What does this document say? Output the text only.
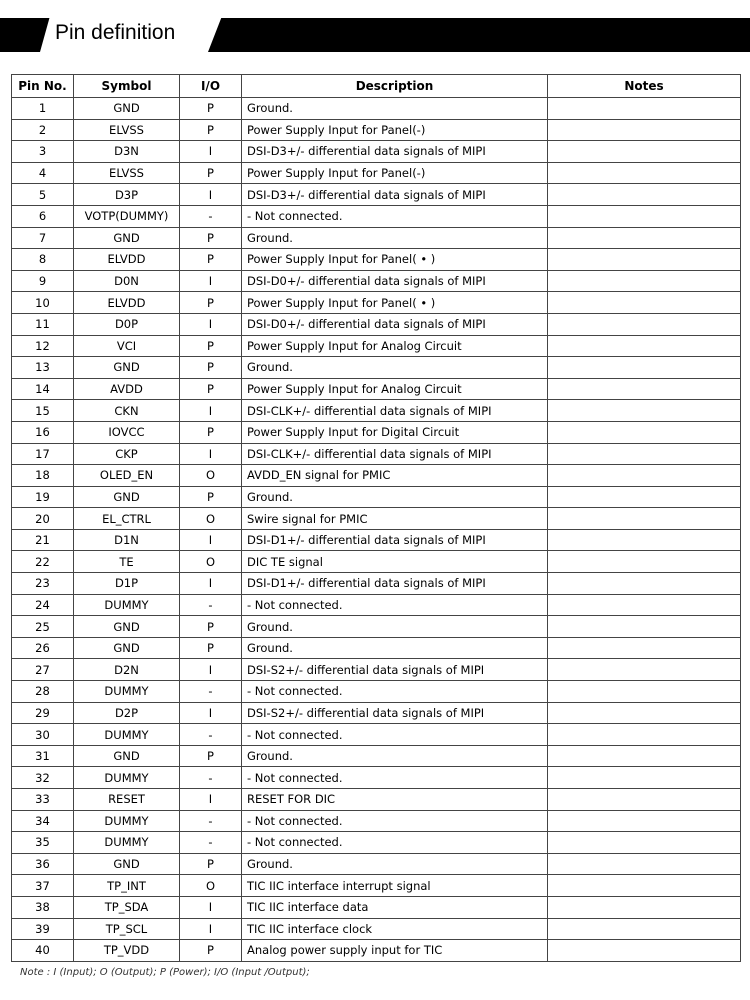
Pin definition
Pin No.	Symbol	I/O	Description	Notes
1	GND	P	Ground.	
2	ELVSS	P	Power Supply Input for Panel(-)	
3	D3N	I	DSI-D3+/- differential data signals of MIPI	
4	ELVSS	P	Power Supply Input for Panel(-)	
5	D3P	I	DSI-D3+/- differential data signals of MIPI	
6	VOTP(DUMMY)	-	- Not connected.	
7	GND	P	Ground.	
8	ELVDD	P	Power Supply Input for Panel( • )	
9	D0N	I	DSI-D0+/- differential data signals of MIPI	
10	ELVDD	P	Power Supply Input for Panel( • )	
11	D0P	I	DSI-D0+/- differential data signals of MIPI	
12	VCI	P	Power Supply Input for Analog Circuit	
13	GND	P	Ground.	
14	AVDD	P	Power Supply Input for Analog Circuit	
15	CKN	I	DSI-CLK+/- differential data signals of MIPI	
16	IOVCC	P	Power Supply Input for Digital Circuit	
17	CKP	I	DSI-CLK+/- differential data signals of MIPI	
18	OLED_EN	O	AVDD_EN signal for PMIC	
19	GND	P	Ground.	
20	EL_CTRL	O	Swire signal for PMIC	
21	D1N	I	DSI-D1+/- differential data signals of MIPI	
22	TE	O	DIC TE signal	
23	D1P	I	DSI-D1+/- differential data signals of MIPI	
24	DUMMY	-	- Not connected.	
25	GND	P	Ground.	
26	GND	P	Ground.	
27	D2N	I	DSI-S2+/- differential data signals of MIPI	
28	DUMMY	-	- Not connected.	
29	D2P	I	DSI-S2+/- differential data signals of MIPI	
30	DUMMY	-	- Not connected.	
31	GND	P	Ground.	
32	DUMMY	-	- Not connected.	
33	RESET	I	RESET FOR DIC	
34	DUMMY	-	- Not connected.	
35	DUMMY	-	- Not connected.	
36	GND	P	Ground.	
37	TP_INT	O	TIC IIC interface interrupt signal	
38	TP_SDA	I	TIC IIC interface data	
39	TP_SCL	I	TIC IIC interface clock	
40	TP_VDD	P	Analog power supply input for TIC	
Note : I (Input); O (Output); P (Power); I/O (Input /Output);
